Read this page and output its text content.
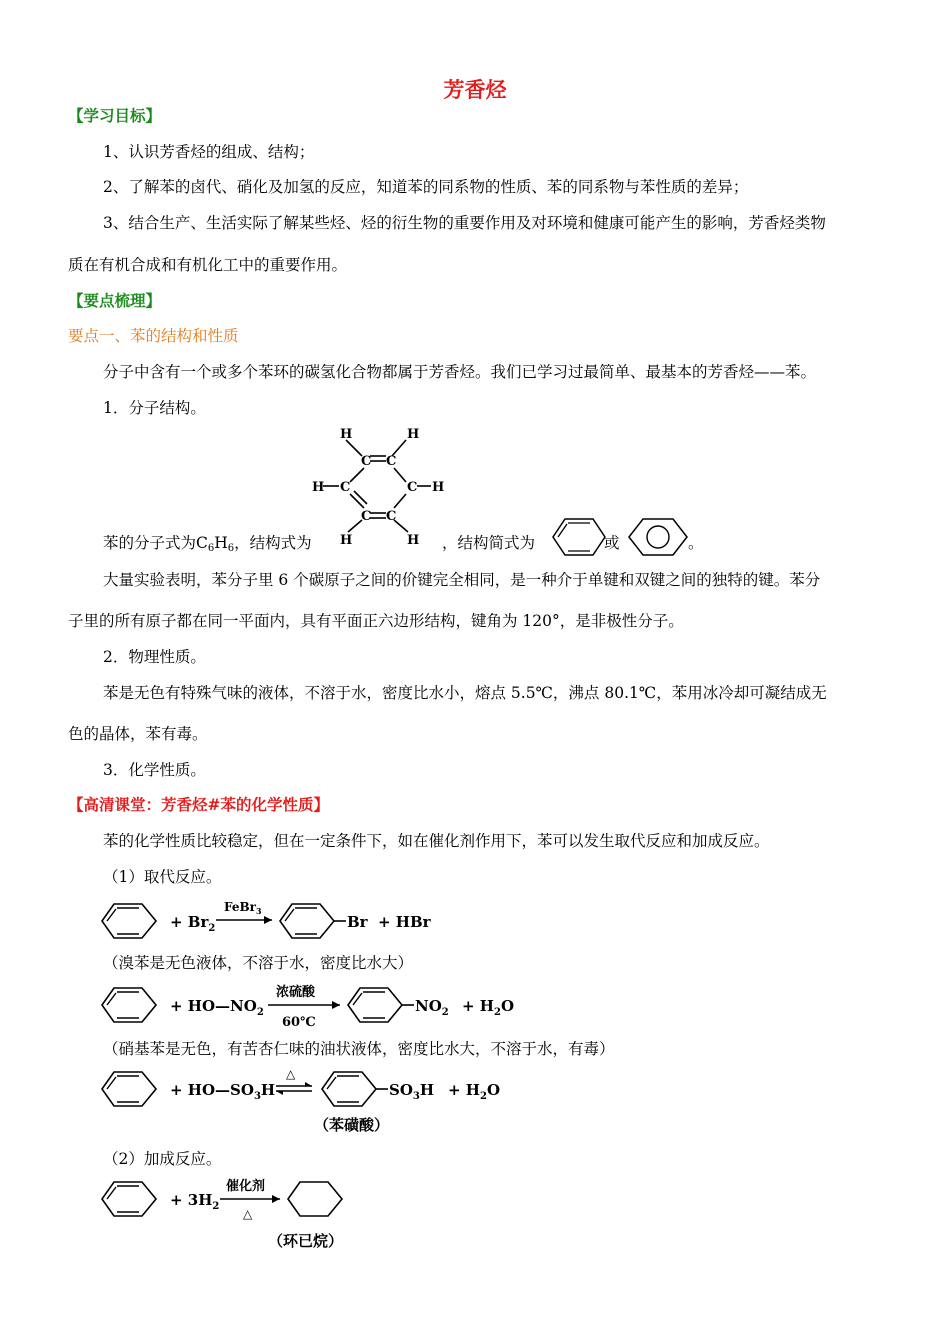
芳香烃
【学习目标】
1、认识芳香烃的组成、结构；
2、了解苯的卤代、硝化及加氢的反应，知道苯的同系物的性质、苯的同系物与苯性质的差异；
3、结合生产、生活实际了解某些烃、烃的衍生物的重要作用及对环境和健康可能产生的影响，芳香烃类物
质在有机合成和有机化工中的重要作用。
【要点梳理】
要点一、苯的结构和性质
分子中含有一个或多个苯环的碳氢化合物都属于芳香烃。我们已学习过最简单、最基本的芳香烃——苯。
1．分子结构。
H	H
C C
H C	C H
C C
H	H
苯的分子式为$C_6H_6$，结构式为	，结构简式为	或	。
大量实验表明，苯分子里 6 个碳原子之间的价键完全相同，是一种介于单键和双键之间的独特的键。苯分
子里的所有原子都在同一平面内，具有平面正六边形结构，键角为 120°，是非极性分子。
2．物理性质。
苯是无色有特殊气味的液体，不溶于水，密度比水小，熔点 5.5℃，沸点 80.1℃，苯用冰冷却可凝结成无
色的晶体，苯有毒。
3．化学性质。
【高清课堂：芳香烃#苯的化学性质】
苯的化学性质比较稳定，但在一定条件下，如在催化剂作用下，苯可以发生取代反应和加成反应。
（1）取代反应。
+ $Br_2$
FeBr$_3$
Br + HBr
（溴苯是无色液体，不溶于水，密度比水大）
+ $HO—NO_2$
浓硫酸
60℃
$NO_2 + H_2O$
（硝基苯是无色，有苦杏仁味的油状液体，密度比水大，不溶于水，有毒）
+ $HO—SO_3H$
△
$SO_3H + H_2O$
（苯磺酸）
（2）加成反应。
+ $3H_2$
催化剂
△
（环已烷）
